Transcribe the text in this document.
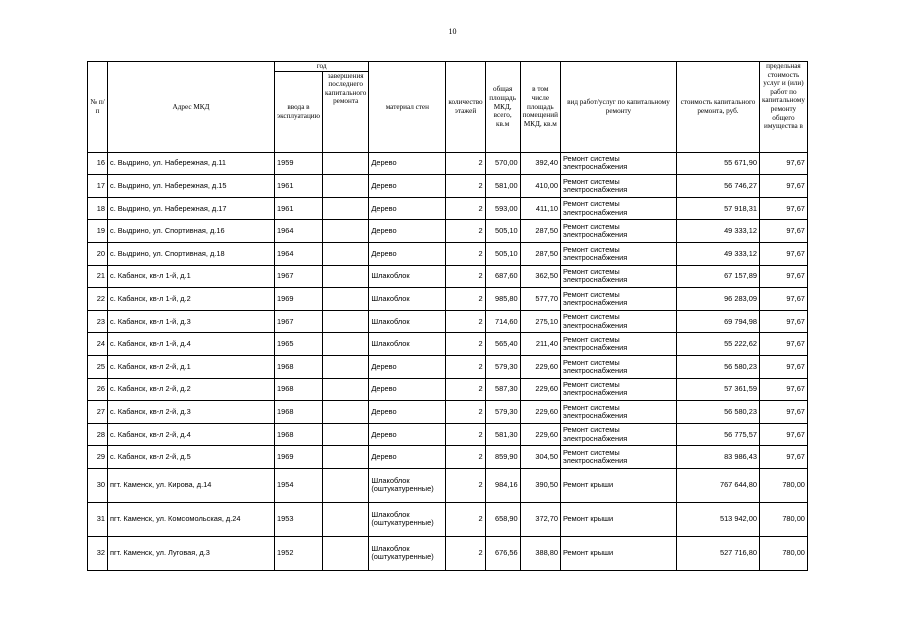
10
№ п/п	Адрес МКД	год		материал стен	количество этажей	общая площадь МКД, всего, кв.м	в том числе площадь помещений МКД, кв.м	вид работ/услуг по капитальному ремонту	стоимость капитального ремонта, руб.	предельная стоимость услуг и (или) работ по капитальному ремонту общего имущества в
		ввода в эксплуатацию	завершения последнего капитального ремонта							
16	с. Выдрино, ул. Набережная, д.11	1959		Дерево	2	570,00	392,40	Ремонт системы электроснабжения	55 671,90	97,67
17	с. Выдрино, ул. Набережная, д.15	1961		Дерево	2	581,00	410,00	Ремонт системы электроснабжения	56 746,27	97,67
18	с. Выдрино, ул. Набережная, д.17	1961		Дерево	2	593,00	411,10	Ремонт системы электроснабжения	57 918,31	97,67
19	с. Выдрино, ул. Спортивная, д.16	1964		Дерево	2	505,10	287,50	Ремонт системы электроснабжения	49 333,12	97,67
20	с. Выдрино, ул. Спортивная, д.18	1964		Дерево	2	505,10	287,50	Ремонт системы электроснабжения	49 333,12	97,67
21	с. Кабанск, кв-л 1-й, д.1	1967		Шлакоблок	2	687,60	362,50	Ремонт системы электроснабжения	67 157,89	97,67
22	с. Кабанск, кв-л 1-й, д.2	1969		Шлакоблок	2	985,80	577,70	Ремонт системы электроснабжения	96 283,09	97,67
23	с. Кабанск, кв-л 1-й, д.3	1967		Шлакоблок	2	714,60	275,10	Ремонт системы электроснабжения	69 794,98	97,67
24	с. Кабанск, кв-л 1-й, д.4	1965		Шлакоблок	2	565,40	211,40	Ремонт системы электроснабжения	55 222,62	97,67
25	с. Кабанск, кв-л 2-й, д.1	1968		Дерево	2	579,30	229,60	Ремонт системы электроснабжения	56 580,23	97,67
26	с. Кабанск, кв-л 2-й, д.2	1968		Дерево	2	587,30	229,60	Ремонт системы электроснабжения	57 361,59	97,67
27	с. Кабанск, кв-л 2-й, д.3	1968		Дерево	2	579,30	229,60	Ремонт системы электроснабжения	56 580,23	97,67
28	с. Кабанск, кв-л 2-й, д.4	1968		Дерево	2	581,30	229,60	Ремонт системы электроснабжения	56 775,57	97,67
29	с. Кабанск, кв-л 2-й, д.5	1969		Дерево	2	859,90	304,50	Ремонт системы электроснабжения	83 986,43	97,67
30	пгт. Каменск, ул. Кирова, д.14	1954		Шлакоблок (оштукатуренные)	2	984,16	390,50	Ремонт крыши	767 644,80	780,00
31	пгт. Каменск, ул. Комсомольская, д.24	1953		Шлакоблок (оштукатуренные)	2	658,90	372,70	Ремонт крыши	513 942,00	780,00
32	пгт. Каменск, ул. Луговая, д.3	1952		Шлакоблок (оштукатуренные)	2	676,56	388,80	Ремонт крыши	527 716,80	780,00
